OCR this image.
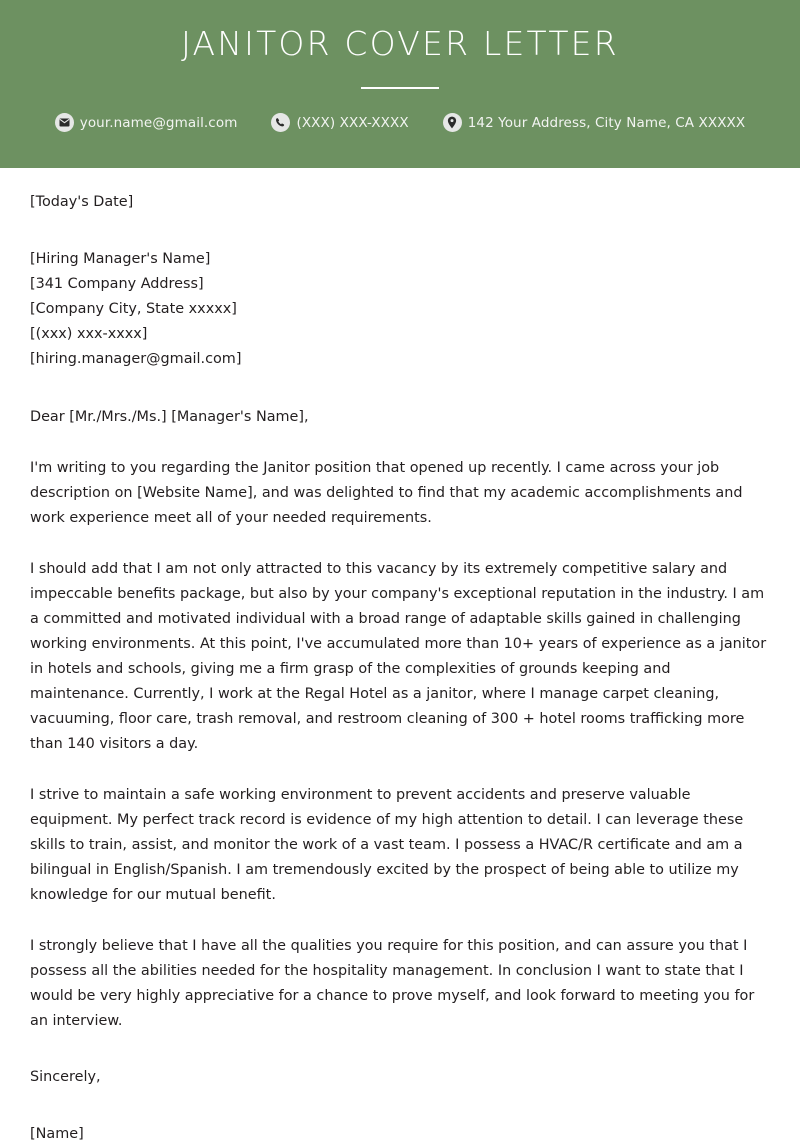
JANITOR COVER LETTER
your.name@gmail.com	(XXX) XXX-XXXX	142 Your Address, City Name, CA XXXXX
[Today's Date]
[Hiring Manager's Name]
[341 Company Address]
[Company City, State xxxxx]
[(xxx) xxx-xxxx]
[hiring.manager@gmail.com]
Dear [Mr./Mrs./Ms.] [Manager's Name],

I'm writing to you regarding the Janitor position that opened up recently. I came across your job description on [Website Name], and was delighted to find that my academic accomplishments and work experience meet all of your needed requirements.

I should add that I am not only attracted to this vacancy by its extremely competitive salary and impeccable benefits package, but also by your company's exceptional reputation in the industry. I am a committed and motivated individual with a broad range of adaptable skills gained in challenging working environments. At this point, I've accumulated more than 10+ years of experience as a janitor in hotels and schools, giving me a firm grasp of the complexities of grounds keeping and maintenance. Currently, I work at the Regal Hotel as a janitor, where I manage carpet cleaning, vacuuming, floor care, trash removal, and restroom cleaning of 300 + hotel rooms trafficking more than 140 visitors a day.

I strive to maintain a safe working environment to prevent accidents and preserve valuable equipment. My perfect track record is evidence of my high attention to detail. I can leverage these skills to train, assist, and monitor the work of a vast team. I possess a HVAC/R certificate and am a bilingual in English/Spanish. I am tremendously excited by the prospect of being able to utilize my knowledge for our mutual benefit.

I strongly believe that I have all the qualities you require for this position, and can assure you that I possess all the abilities needed for the hospitality management. In conclusion I want to state that I would be very highly appreciative for a chance to prove myself, and look forward to meeting you for an interview.

Sincerely,
[Name]
